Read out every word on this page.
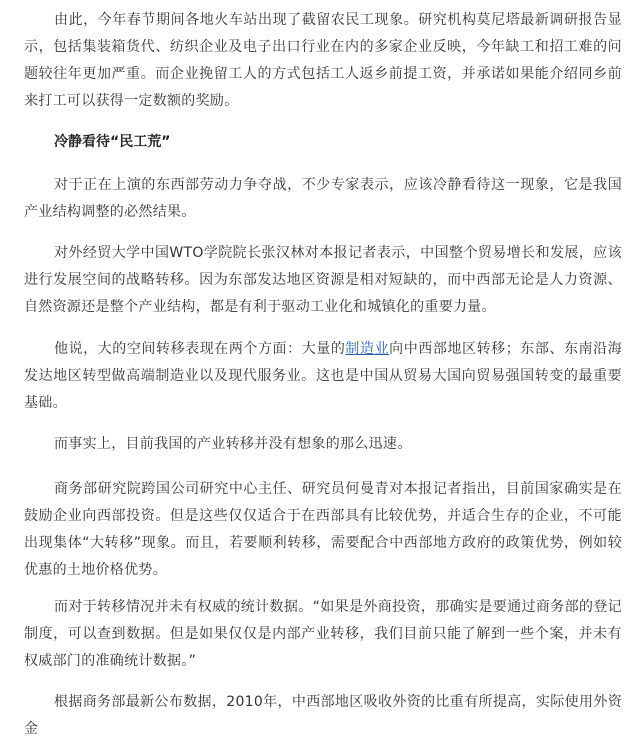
由此，今年春节期间各地火车站出现了截留农民工现象。研究机构莫尼塔最新调研报告显示，包括集装箱货代、纺织企业及电子出口行业在内的多家企业反映，今年缺工和招工难的问题较往年更加严重。而企业挽留工人的方式包括工人返乡前提工资，并承诺如果能介绍同乡前来打工可以获得一定数额的奖励。

冷静看待“民工荒”

对于正在上演的东西部劳动力争夺战，不少专家表示，应该冷静看待这一现象，它是我国产业结构调整的必然结果。

对外经贸大学中国WTO学院院长张汉林对本报记者表示，中国整个贸易增长和发展，应该进行发展空间的战略转移。因为东部发达地区资源是相对短缺的，而中西部无论是人力资源、自然资源还是整个产业结构，都是有利于驱动工业化和城镇化的重要力量。

他说，大的空间转移表现在两个方面：大量的制造业向中西部地区转移；东部、东南沿海发达地区转型做高端制造业以及现代服务业。这也是中国从贸易大国向贸易强国转变的最重要基础。

而事实上，目前我国的产业转移并没有想象的那么迅速。

商务部研究院跨国公司研究中心主任、研究员何曼青对本报记者指出，目前国家确实是在鼓励企业向西部投资。但是这些仅仅适合于在西部具有比较优势，并适合生存的企业，不可能出现集体“大转移”现象。而且，若要顺利转移，需要配合中西部地方政府的政策优势，例如较优惠的土地价格优势。

而对于转移情况并未有权威的统计数据。“如果是外商投资，那确实是要通过商务部的登记制度，可以查到数据。但是如果仅仅是内部产业转移，我们目前只能了解到一些个案，并未有权威部门的准确统计数据。”

根据商务部最新公布数据，2010年，中西部地区吸收外资的比重有所提高，实际使用外资金
